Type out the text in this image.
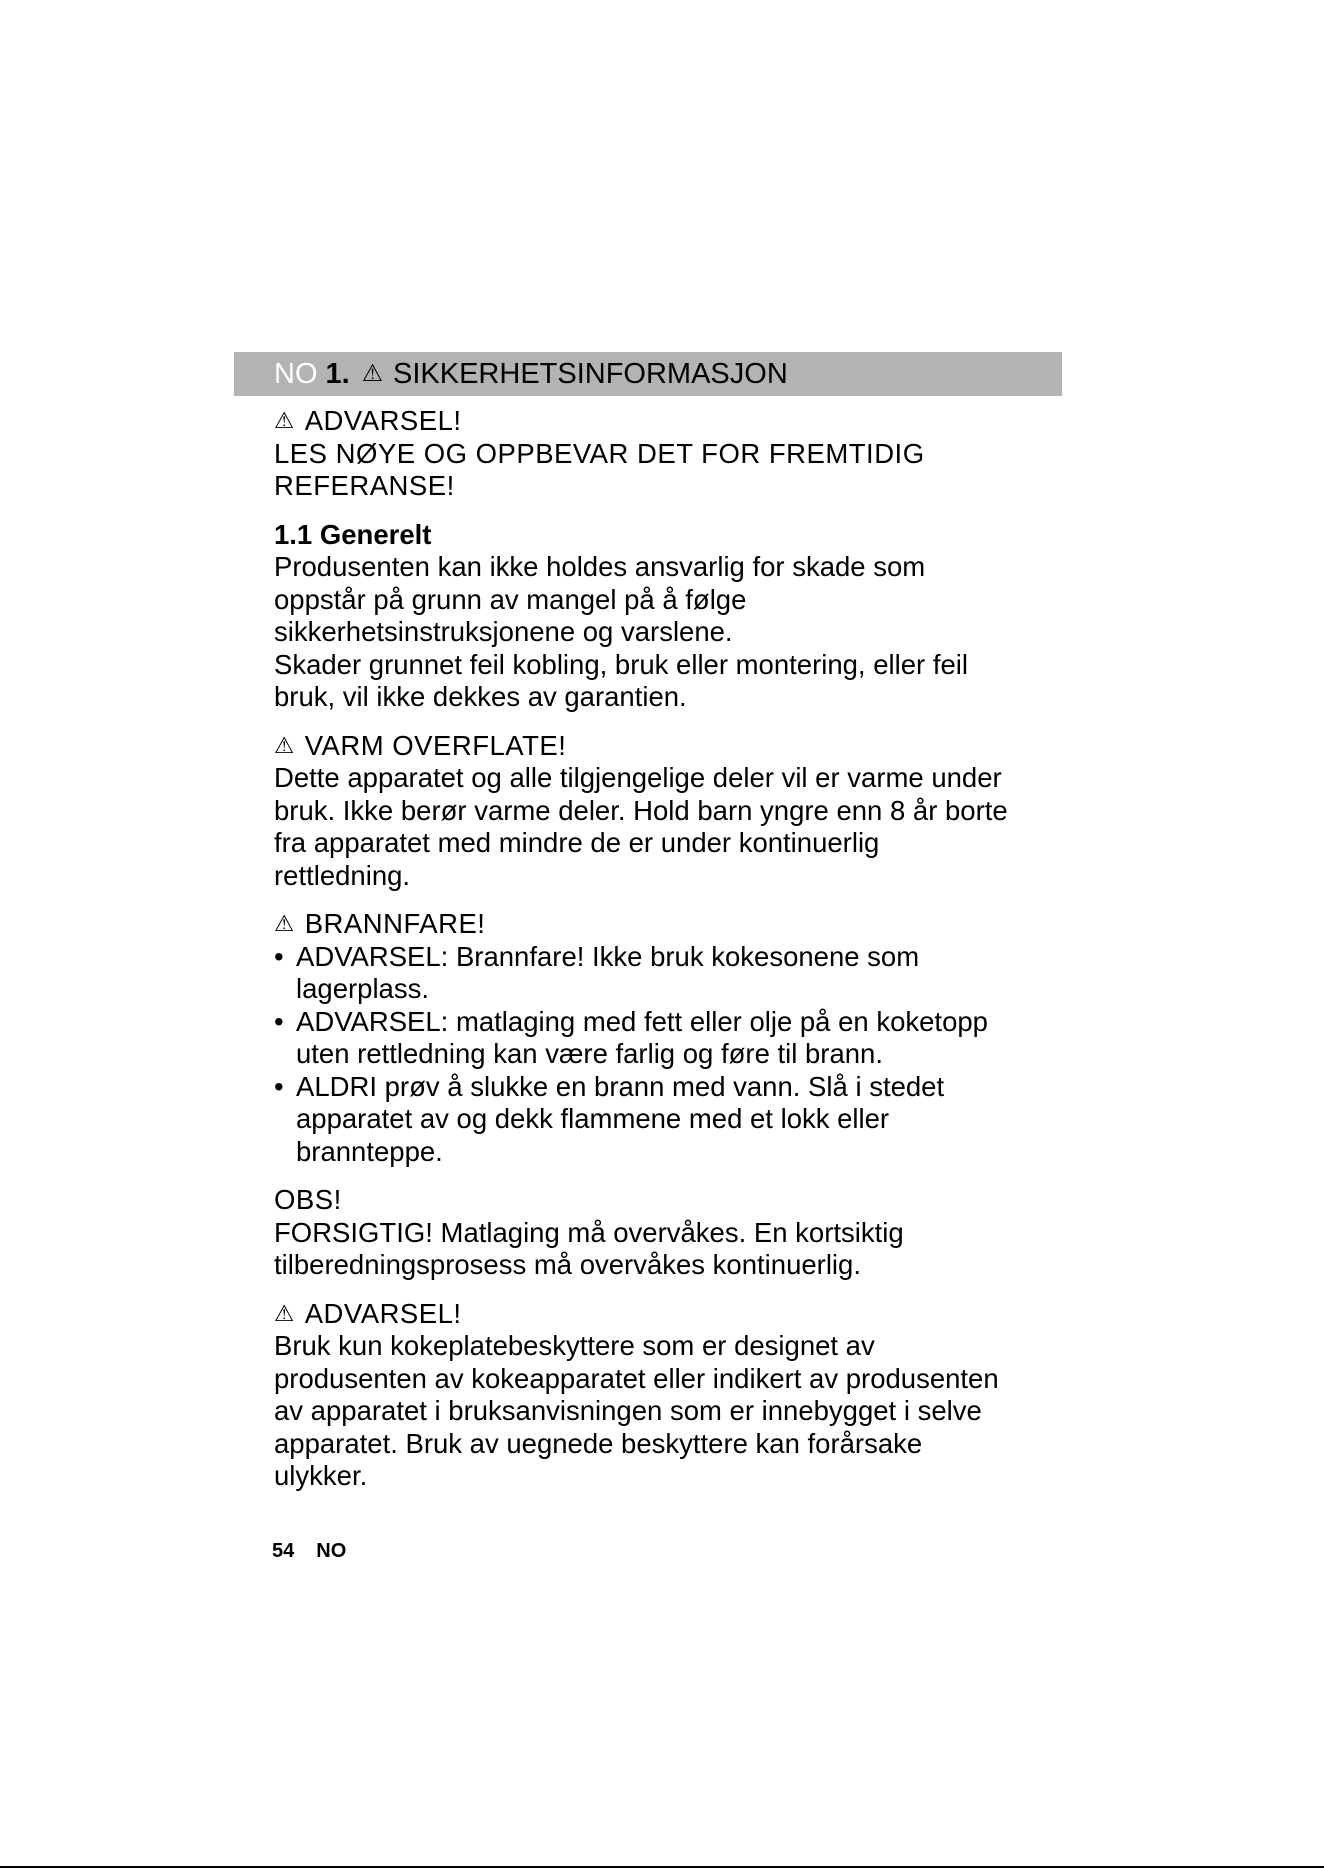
NO 1. ⚠ SIKKERHETSINFORMASJON

⚠ ADVARSEL!

LES NØYE OG OPPBEVAR DET FOR FREMTIDIG

REFERANSE!

1.1 Generelt

Produsenten kan ikke holdes ansvarlig for skade som

oppstår på grunn av mangel på å følge

sikkerhetsinstruksjonene og varslene.

Skader grunnet feil kobling, bruk eller montering, eller feil

bruk, vil ikke dekkes av garantien.

⚠ VARM OVERFLATE!

Dette apparatet og alle tilgjengelige deler vil er varme under

bruk. Ikke berør varme deler. Hold barn yngre enn 8 år borte

fra apparatet med mindre de er under kontinuerlig

rettledning.

⚠ BRANNFARE!

• ADVARSEL: Brannfare! Ikke bruk kokesonene som
lagerplass.
• ADVARSEL: matlaging med fett eller olje på en koketopp
uten rettledning kan være farlig og føre til brann.
• ALDRI prøv å slukke en brann med vann. Slå i stedet
apparatet av og dekk flammene med et lokk eller
brannteppe.

OBS!

FORSIGTIG! Matlaging må overvåkes. En kortsiktig

tilberedningsprosess må overvåkes kontinuerlig.

⚠ ADVARSEL!

Bruk kun kokeplatebeskyttere som er designet av

produsenten av kokeapparatet eller indikert av produsenten

av apparatet i bruksanvisningen som er innebygget i selve

apparatet. Bruk av uegnede beskyttere kan forårsake

ulykker.

54 NO
